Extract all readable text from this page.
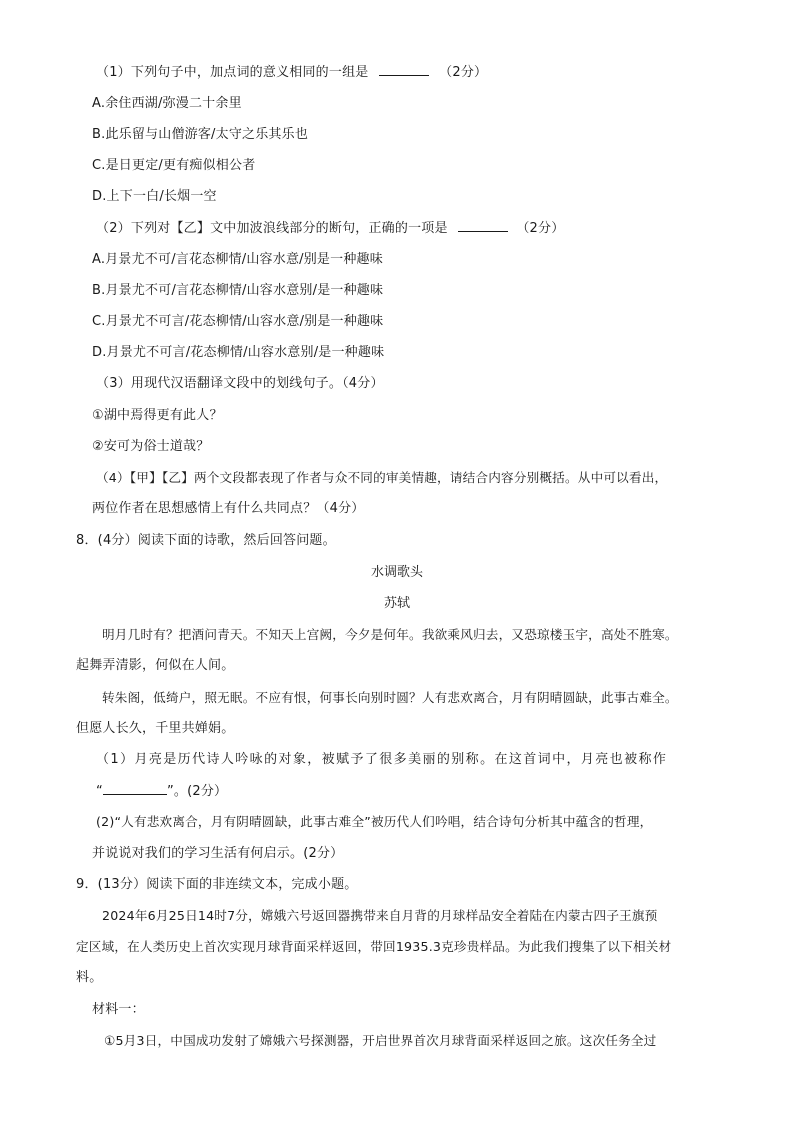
（1）下列句子中，加点词的意义相同的一组是	（2分）
A.余住西湖/弥漫二十余里
B.此乐留与山僧游客/太守之乐其乐也
C.是日更定/更有痴似相公者
D.上下一白/长烟一空
（2）下列对【乙】文中加波浪线部分的断句，正确的一项是	（2分）
A.月景尤不可/言花态柳情/山容水意/别是一种趣味
B.月景尤不可/言花态柳情/山容水意别/是一种趣味
C.月景尤不可言/花态柳情/山容水意/别是一种趣味
D.月景尤不可言/花态柳情/山容水意别/是一种趣味
（3）用现代汉语翻译文段中的划线句子。（4分）
①湖中焉得更有此人？
②安可为俗士道哉？
（4）【甲】【乙】两个文段都表现了作者与众不同的审美情趣，请结合内容分别概括。从中可以看出，
两位作者在思想感情上有什么共同点？（4分）
8．(4分）阅读下面的诗歌，然后回答问题。
水调歌头
苏轼
明月几时有？把酒问青天。不知天上宫阙，今夕是何年。我欲乘风归去，又恐琼楼玉宇，高处不胜寒。
起舞弄清影，何似在人间。
转朱阁，低绮户，照无眠。不应有恨，何事长向别时圆？人有悲欢离合，月有阴晴圆缺，此事古难全。
但愿人长久，千里共婵娟。
（1）月亮是历代诗人吟咏的对象，被赋予了很多美丽的别称。在这首词中，月亮也被称作
“	”。(2分）
(2)“人有悲欢离合，月有阴晴圆缺，此事古难全”被历代人们吟唱，结合诗句分析其中蕴含的哲理，
并说说对我们的学习生活有何启示。(2分）
9．(13分）阅读下面的非连续文本，完成小题。
2024年6月25日14时7分，嫦娥六号返回器携带来自月背的月球样品安全着陆在内蒙古四子王旗预
定区域，在人类历史上首次实现月球背面采样返回，带回1935.3克珍贵样品。为此我们搜集了以下相关材
料。
材料一：
①5月3日，中国成功发射了嫦娥六号探测器，开启世界首次月球背面采样返回之旅。这次任务全过
